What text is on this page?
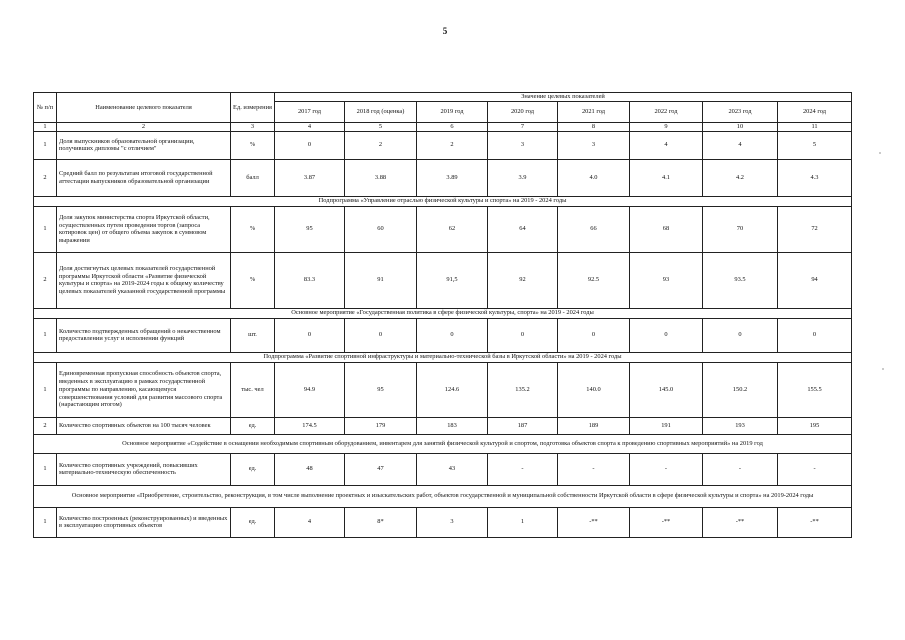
5
№ п/п	Наименование целевого показателя	Ед. измерения	Значение целевых показателей							
			2017 год	2018 год (оценка)	2019 год	2020 год	2021 год	2022 год	2023 год	2024 год
1	2	3	4	5	6	7	8	9	10	11
1	Доля выпускников образовательной организации, получивших дипломы "с отличием"	%	0	2	2	3	3	4	4	5
2	Средний балл по результатам итоговой государственной аттестации выпускников образовательной организации	балл	3.87	3.88	3.89	3.9	4.0	4.1	4.2	4.3
Подпрограмма «Управление отраслью физической культуры и спорта» на 2019 - 2024 годы										
1	Доля закупок министерства спорта Иркутской области, осуществленных путем проведения торгов (запроса котировок цен) от общего объема закупок в суммовом выражении	%	95	60	62	64	66	68	70	72
2	Доля достигнутых целевых показателей государственной программы Иркутской области «Развитие физической культуры и спорта» на 2019-2024 годы к общему количеству целевых показателей указанной государственной программы	%	83.3	91	91,5	92	92.5	93	93.5	94
Основное мероприятие «Государственная политика в сфере физической культуры, спорта» на 2019 - 2024 годы										
1	Количество подтвержденных обращений о некачественном предоставлении услуг и исполнении функций	шт.	0	0	0	0	0	0	0	0
Подпрограмма «Развитие спортивной инфраструктуры и материально-технической базы в Иркутской области» на 2019 - 2024 годы										
1	Единовременная пропускная способность объектов спорта, введенных в эксплуатацию в рамках государственной программы по направлению, касающемуся совершенствования условий для развития массового спорта (нарастающим итогом)	тыс. чел	94.9	95	124.6	135.2	140.0	145.0	150.2	155.5
2	Количество спортивных объектов на 100 тысяч человек	ед.	174.5	179	183	187	189	191	193	195
Основное мероприятие «Содействие в оснащении необходимым спортивным оборудованием, инвентарем для занятий физической культурой и спортом, подготовка объектов спорта к проведению спортивных мероприятий» на 2019 год										
1	Количество спортивных учреждений, повысивших материально-техническую обеспеченность	ед.	48	47	43	-	-	-	-	-
Основное мероприятие «Приобретение, строительство, реконструкция, в том числе выполнение проектных и изыскательских работ, объектов государственной и муниципальной собственности Иркутской области в сфере физической культуры и спорта» на 2019-2024 годы										
1	Количество построенных (реконструированных) и введенных в эксплуатацию спортивных объектов	ед.	4	8*	3	1	-**	-**	-**	-**
